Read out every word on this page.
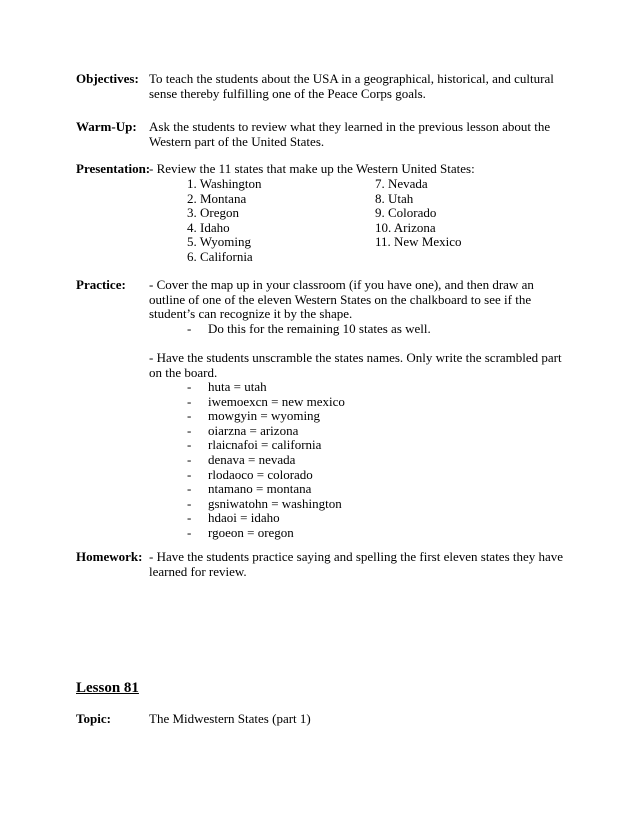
Objectives: To teach the students about the USA in a geographical, historical, and cultural sense thereby fulfilling one of the Peace Corps goals.
Warm-Up: Ask the students to review what they learned in the previous lesson about the Western part of the United States.
Presentation:
- Review the 11 states that make up the Western United States:
1. Washington	7. Nevada
2. Montana	8. Utah
3. Oregon	9. Colorado
4. Idaho	10. Arizona
5. Wyoming	11. New Mexico
6. California
Practice: - Cover the map up in your classroom (if you have one), and then draw an outline of one of the eleven Western States on the chalkboard to see if the student’s can recognize it by the shape.
- Do this for the remaining 10 states as well.
- Have the students unscramble the states names. Only write the scrambled part on the board.
- huta = utah
- iwemoexcn = new mexico
- mowgyin = wyoming
- oiarzna = arizona
- rlaicnafoi = california
- denava = nevada
- rlodaoco = colorado
- ntamano = montana
- gsniwatohn = washington
- hdaoi = idaho
- rgoeon = oregon
Homework: - Have the students practice saying and spelling the first eleven states they have learned for review.
Lesson 81
Topic:	The Midwestern States (part 1)
